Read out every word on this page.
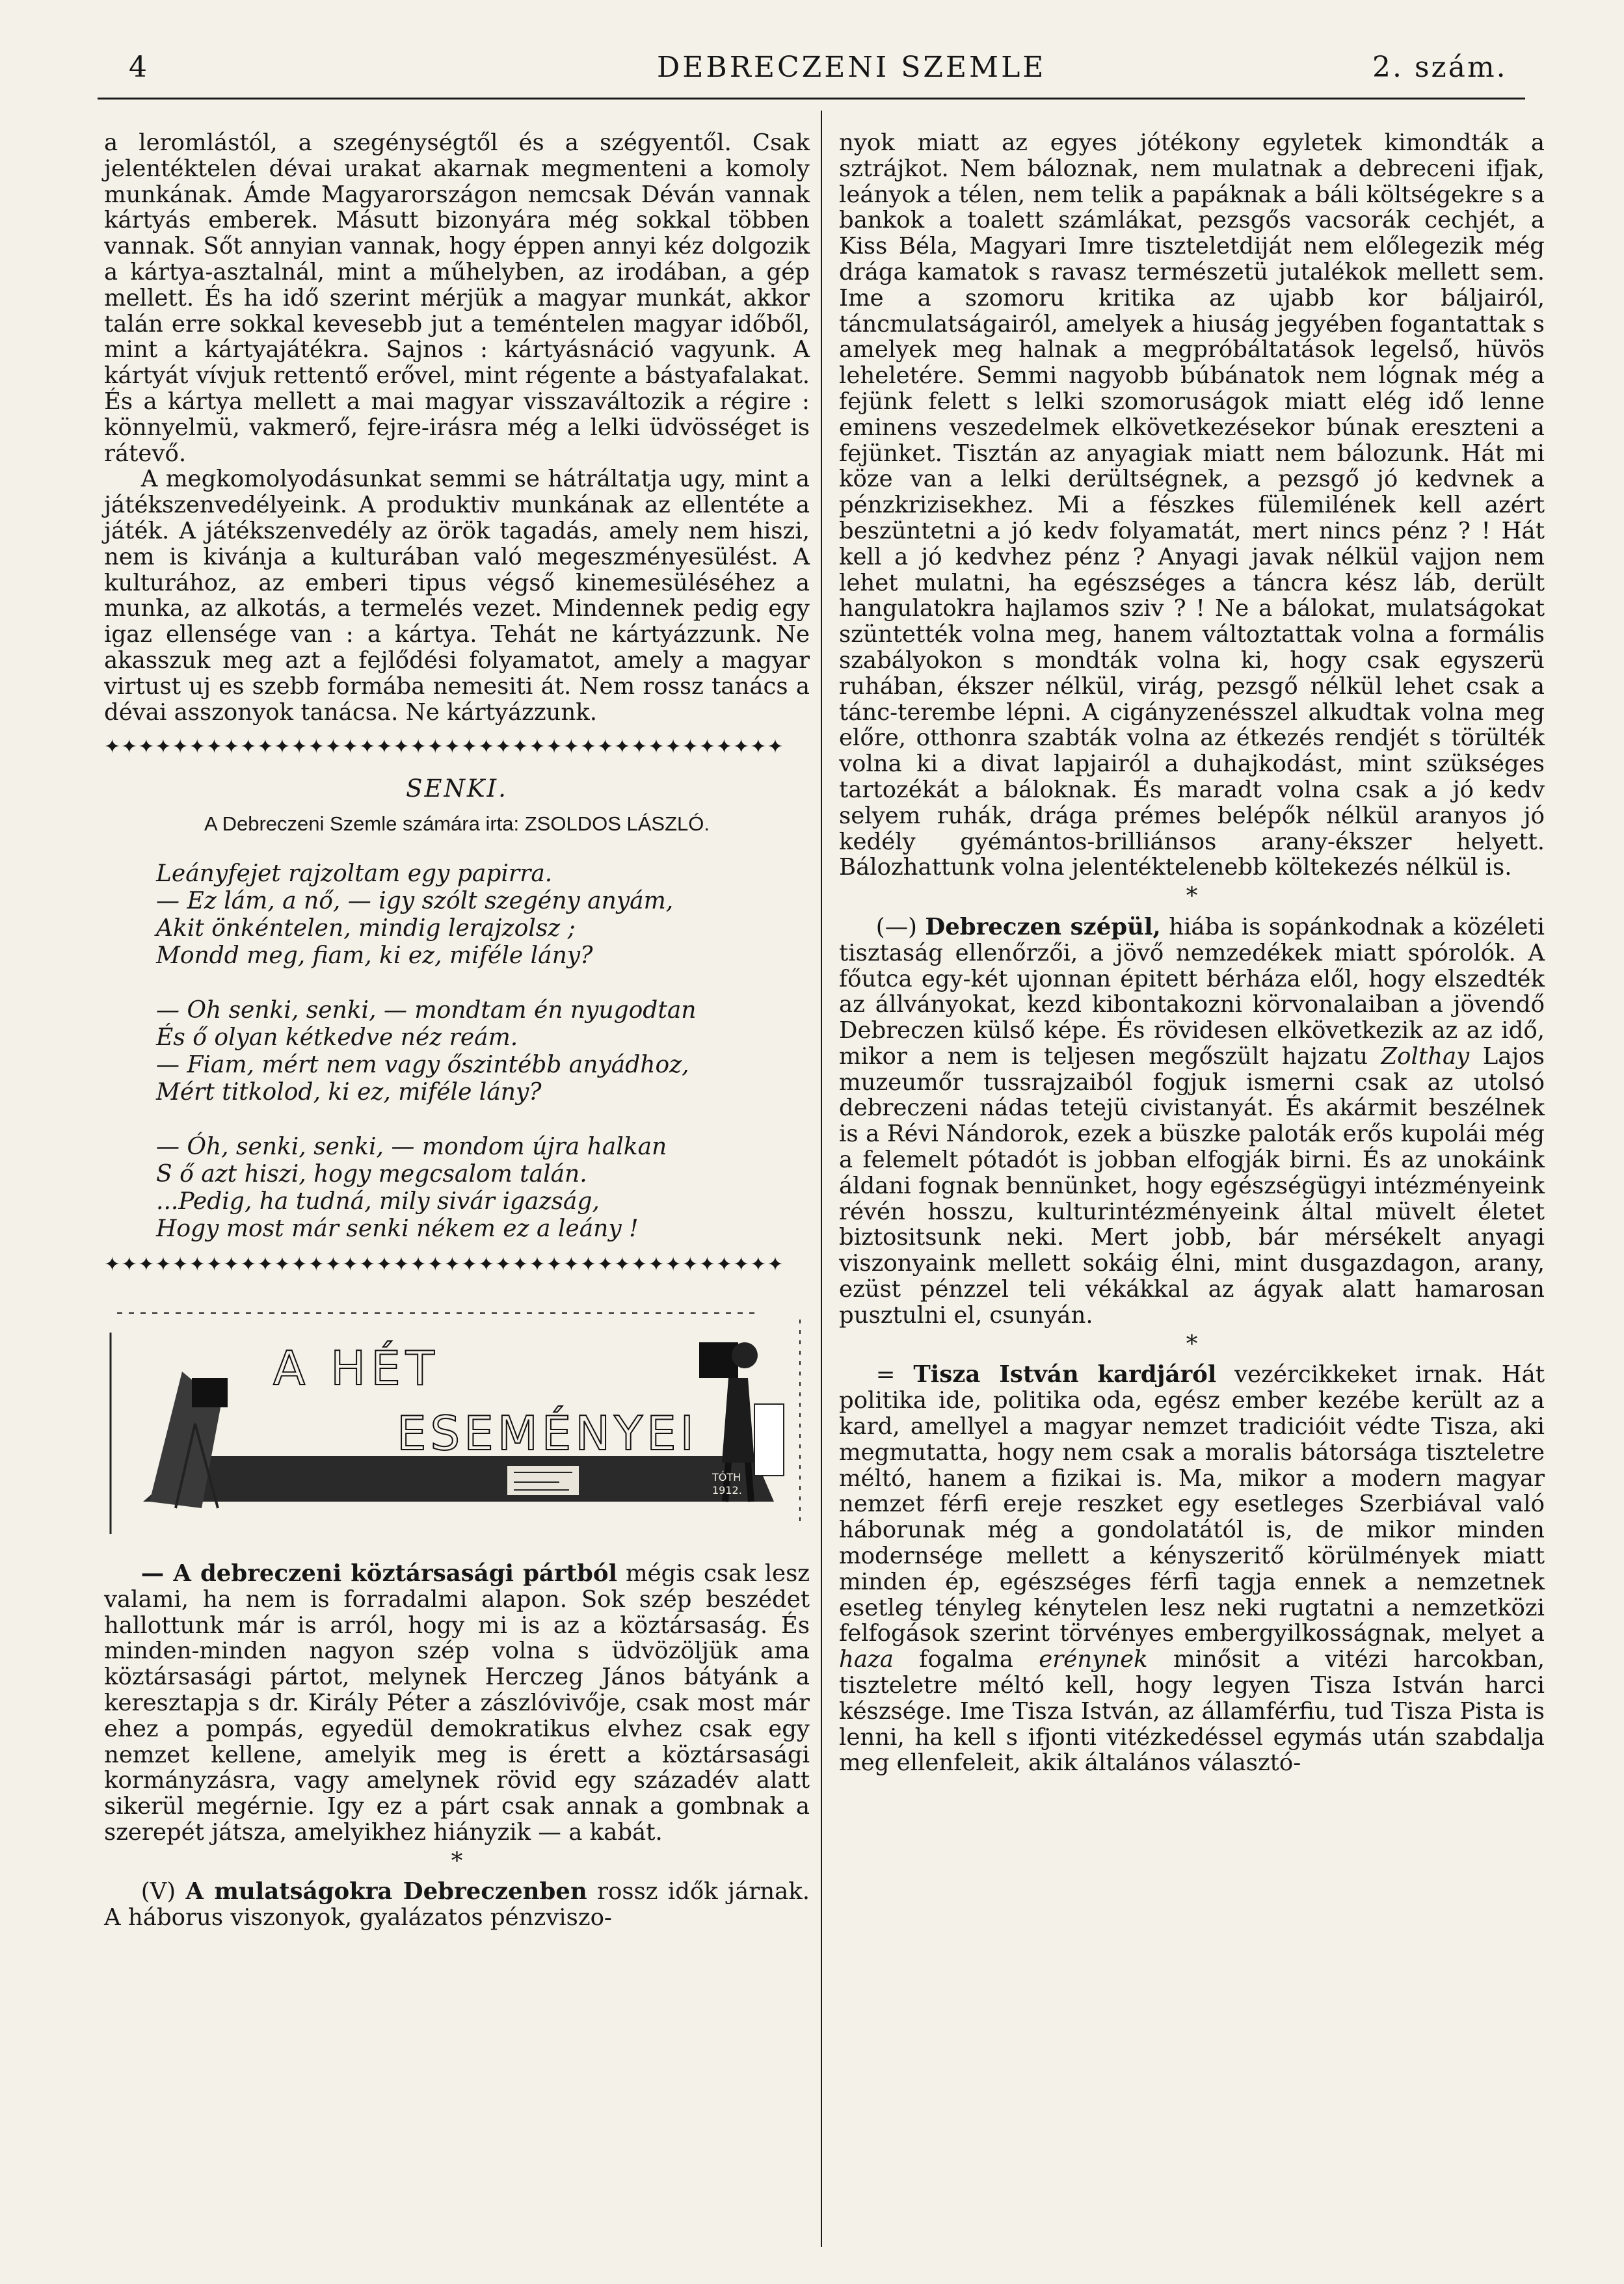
4	DEBRECZENI SZEMLE	2. szám.

a leromlástól, a szegénységtől és a szégyentől. Csak jelentéktelen dévai urakat akarnak megmenteni a komoly munkának. Ámde Magyarországon nemcsak Déván vannak kártyás emberek. Másutt bizonyára még sokkal többen vannak. Sőt annyian vannak, hogy éppen annyi kéz dolgozik a kártya-asztalnál, mint a műhelyben, az irodában, a gép mellett. És ha idő szerint mérjük a magyar munkát, akkor talán erre sokkal kevesebb jut a teméntelen magyar időből, mint a kártyajátékra. Sajnos : kártyásnáció vagyunk. A kártyát vívjuk rettentő erővel, mint régente a bástyafalakat. És a kártya mellett a mai magyar visszaváltozik a régire : könnyelmü, vakmerő, fejre-irásra még a lelki üdvösséget is rátevő.

A megkomolyodásunkat semmi se hátráltatja ugy, mint a játékszenvedélyeink. A produktiv munkának az ellentéte a játék. A játékszenvedély az örök tagadás, amely nem hiszi, nem is kivánja a kulturában való megeszményesülést. A kulturához, az emberi tipus végső kinemesüléséhez a munka, az alkotás, a termelés vezet. Mindennek pedig egy igaz ellensége van : a kártya. Tehát ne kártyázzunk. Ne akasszuk meg azt a fejlődési folyamatot, amely a magyar virtust uj es szebb formába nemesiti át. Nem rossz tanács a dévai asszonyok tanácsa. Ne kártyázzunk.

✦✦✦✦✦✦✦✦✦✦✦✦✦✦✦✦✦✦✦✦✦✦✦✦✦✦✦✦✦✦✦✦✦✦✦✦✦✦✦✦

SENKI.

A Debreczeni Szemle számára irta: ZSOLDOS LÁSZLÓ.

Leányfejet rajzoltam egy papirra.

— Ez lám, a nő, — igy szólt szegény anyám,

Akit önkéntelen, mindig lerajzolsz ;

Mondd meg, fiam, ki ez, miféle lány?

— Oh senki, senki, — mondtam én nyugodtan

És ő olyan kétkedve néz reám.

— Fiam, mért nem vagy őszintébb anyádhoz,

Mért titkolod, ki ez, miféle lány?

— Óh, senki, senki, — mondom újra halkan

S ő azt hiszi, hogy megcsalom talán.

...Pedig, ha tudná, mily sivár igazság,

Hogy most már senki nékem ez a leány !

✦✦✦✦✦✦✦✦✦✦✦✦✦✦✦✦✦✦✦✦✦✦✦✦✦✦✦✦✦✦✦✦✦✦✦✦✦✦✦✦
A HÉT
ESEMÉNYEI
TÓTH
1912.

— A debreczeni köztársasági pártból mégis csak lesz valami, ha nem is forradalmi alapon. Sok szép beszédet hallottunk már is arról, hogy mi is az a köztársaság. És minden-minden nagyon szép volna s üdvözöljük ama köztársasági pártot, melynek Herczeg János bátyánk a keresztapja s dr. Király Péter a zászlóvivője, csak most már ehez a pompás, egyedül demokratikus elvhez csak egy nemzet kellene, amelyik meg is érett a köztársasági kormányzásra, vagy amelynek rövid egy századév alatt sikerül megérnie. Igy ez a párt csak annak a gombnak a szerepét játsza, amelyikhez hiányzik — a kabát.

*

(V) A mulatságokra Debreczenben rossz idők járnak. A háborus viszonyok, gyalázatos pénzviszo-

nyok miatt az egyes jótékony egyletek kimondták a sztrájkot. Nem báloznak, nem mulatnak a debreceni ifjak, leányok a télen, nem telik a papáknak a báli költségekre s a bankok a toalett számlákat, pezsgős vacsorák cechjét, a Kiss Béla, Magyari Imre tiszteletdiját nem előlegezik még drága kamatok s ravasz természetü jutalékok mellett sem. Ime a szomoru kritika az ujabb kor báljairól, táncmulatságairól, amelyek a hiuság jegyében fogantattak s amelyek meg halnak a megpróbáltatások legelső, hüvös leheletére. Semmi nagyobb búbánatok nem lógnak még a fejünk felett s lelki szomoruságok miatt elég idő lenne eminens veszedelmek elkövetkezésekor búnak ereszteni a fejünket. Tisztán az anyagiak miatt nem bálozunk. Hát mi köze van a lelki derültségnek, a pezsgő jó kedvnek a pénzkrizisekhez. Mi a fészkes fülemilének kell azért beszüntetni a jó kedv folyamatát, mert nincs pénz ? ! Hát kell a jó kedvhez pénz ? Anyagi javak nélkül vajjon nem lehet mulatni, ha egészséges a táncra kész láb, derült hangulatokra hajlamos sziv ? ! Ne a bálokat, mulatságokat szüntették volna meg, hanem változtattak volna a formális szabályokon s mondták volna ki, hogy csak egyszerü ruhában, ékszer nélkül, virág, pezsgő nélkül lehet csak a tánc-terembe lépni. A cigányzenésszel alkudtak volna meg előre, otthonra szabták volna az étkezés rendjét s törülték volna ki a divat lapjairól a duhajkodást, mint szükséges tartozékát a báloknak. És maradt volna csak a jó kedv selyem ruhák, drága prémes belépők nélkül aranyos jó kedély gyémántos-brilliánsos arany-ékszer helyett. Bálozhattunk volna jelentéktelenebb költekezés nélkül is.

*

(—) Debreczen szépül, hiába is sopánkodnak a közéleti tisztaság ellenőrzői, a jövő nemzedékek miatt spórolók. A főutca egy-két ujonnan épitett bérháza elől, hogy elszedték az állványokat, kezd kibontakozni körvonalaiban a jövendő Debreczen külső képe. És rövidesen elkövetkezik az az idő, mikor a nem is teljesen megőszült hajzatu Zolthay Lajos muzeumőr tussrajzaiból fogjuk ismerni csak az utolsó debreczeni nádas tetejü civistanyát. És akármit beszélnek is a Révi Nándorok, ezek a büszke paloták erős kupolái még a felemelt pótadót is jobban elfogják birni. És az unokáink áldani fognak bennünket, hogy egészségügyi intézményeink révén hosszu, kulturintézményeink által müvelt életet biztositsunk neki. Mert jobb, bár mérsékelt anyagi viszonyaink mellett sokáig élni, mint dusgazdagon, arany, ezüst pénzzel teli vékákkal az ágyak alatt hamarosan pusztulni el, csunyán.

*

= Tisza István kardjáról vezércikkeket irnak. Hát politika ide, politika oda, egész ember kezébe került az a kard, amellyel a magyar nemzet tradicióit védte Tisza, aki megmutatta, hogy nem csak a moralis bátorsága tiszteletre méltó, hanem a fizikai is. Ma, mikor a modern magyar nemzet férfi ereje reszket egy esetleges Szerbiával való háborunak még a gondolatától is, de mikor minden modernsége mellett a kényszeritő körülmények miatt minden ép, egészséges férfi tagja ennek a nemzetnek esetleg tényleg kénytelen lesz neki rugtatni a nemzetközi felfogások szerint törvényes embergyilkosságnak, melyet a haza fogalma erénynek minősit a vitézi harcokban, tiszteletre méltó kell, hogy legyen Tisza István harci készsége. Ime Tisza István, az államférfiu, tud Tisza Pista is lenni, ha kell s ifjonti vitézkedéssel egymás után szabdalja meg ellenfeleit, akik általános választó-
